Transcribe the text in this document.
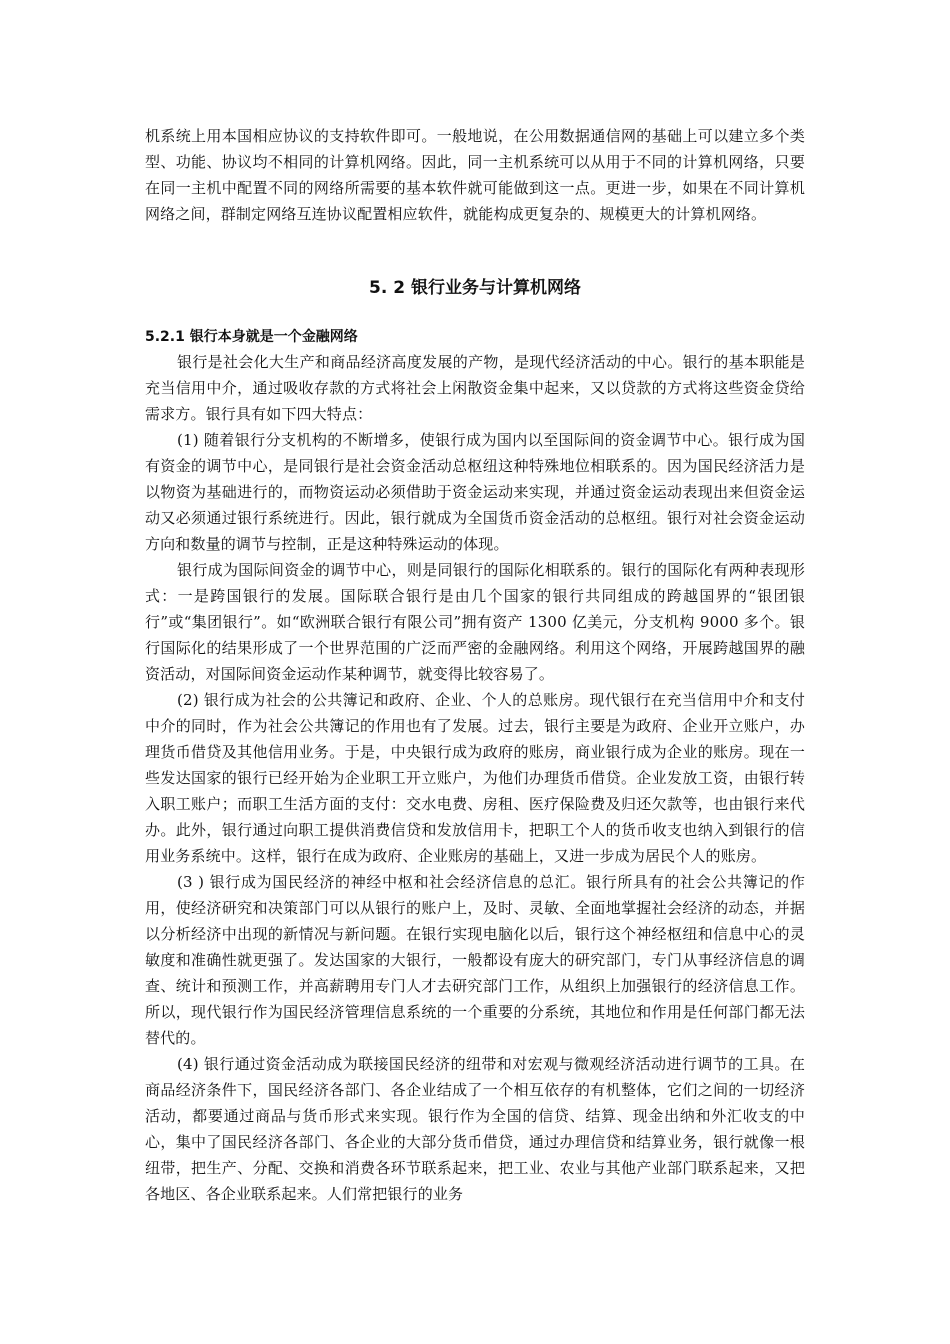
机系统上用本国相应协议的支持软件即可。一般地说，在公用数据通信网的基础上可以建立多个类型、功能、协议均不相同的计算机网络。因此，同一主机系统可以从用于不同的计算机网络，只要在同一主机中配置不同的网络所需要的基本软件就可能做到这一点。更进一步，如果在不同计算机网络之间，群制定网络互连协议配置相应软件，就能构成更复杂的、规模更大的计算机网络。
5. 2 银行业务与计算机网络
5.2.1 银行本身就是一个金融网络

银行是社会化大生产和商品经济高度发展的产物，是现代经济活动的中心。银行的基本职能是充当信用中介，通过吸收存款的方式将社会上闲散资金集中起来，又以贷款的方式将这些资金贷给需求方。银行具有如下四大特点：

(1) 随着银行分支机构的不断增多，使银行成为国内以至国际间的资金调节中心。银行成为国有资金的调节中心，是同银行是社会资金活动总枢纽这种特殊地位相联系的。因为国民经济活力是以物资为基础进行的，而物资运动必须借助于资金运动来实现，并通过资金运动表现出来但资金运动又必须通过银行系统进行。因此，银行就成为全国货币资金活动的总枢纽。银行对社会资金运动方向和数量的调节与控制，正是这种特殊运动的体现。

银行成为国际间资金的调节中心，则是同银行的国际化相联系的。银行的国际化有两种表现形式：一是跨国银行的发展。国际联合银行是由几个国家的银行共同组成的跨越国界的“银团银行”或“集团银行”。如“欧洲联合银行有限公司”拥有资产 1300 亿美元，分支机构 9000 多个。银行国际化的结果形成了一个世界范围的广泛而严密的金融网络。利用这个网络，开展跨越国界的融资活动，对国际间资金运动作某种调节，就变得比较容易了。

(2) 银行成为社会的公共簿记和政府、企业、个人的总账房。现代银行在充当信用中介和支付中介的同时，作为社会公共簿记的作用也有了发展。过去，银行主要是为政府、企业开立账户，办理货币借贷及其他信用业务。于是，中央银行成为政府的账房，商业银行成为企业的账房。现在一些发达国家的银行已经开始为企业职工开立账户，为他们办理货币借贷。企业发放工资，由银行转入职工账户；而职工生活方面的支付：交水电费、房租、医疗保险费及归还欠款等，也由银行来代办。此外，银行通过向职工提供消费信贷和发放信用卡，把职工个人的货币收支也纳入到银行的信用业务系统中。这样，银行在成为政府、企业账房的基础上，又进一步成为居民个人的账房。

(3 ) 银行成为国民经济的神经中枢和社会经济信息的总汇。银行所具有的社会公共簿记的作用，使经济研究和决策部门可以从银行的账户上，及时、灵敏、全面地掌握社会经济的动态，并据以分析经济中出现的新情况与新问题。在银行实现电脑化以后，银行这个神经枢纽和信息中心的灵敏度和准确性就更强了。发达国家的大银行，一般都设有庞大的研究部门，专门从事经济信息的调查、统计和预测工作，并高薪聘用专门人才去研究部门工作，从组织上加强银行的经济信息工作。所以，现代银行作为国民经济管理信息系统的一个重要的分系统，其地位和作用是任何部门都无法替代的。

(4) 银行通过资金活动成为联接国民经济的纽带和对宏观与微观经济活动进行调节的工具。在商品经济条件下，国民经济各部门、各企业结成了一个相互依存的有机整体，它们之间的一切经济活动，都要通过商品与货币形式来实现。银行作为全国的信贷、结算、现金出纳和外汇收支的中心，集中了国民经济各部门、各企业的大部分货币借贷，通过办理信贷和结算业务，银行就像一根纽带，把生产、分配、交换和消费各环节联系起来，把工业、农业与其他产业部门联系起来，又把各地区、各企业联系起来。人们常把银行的业务
